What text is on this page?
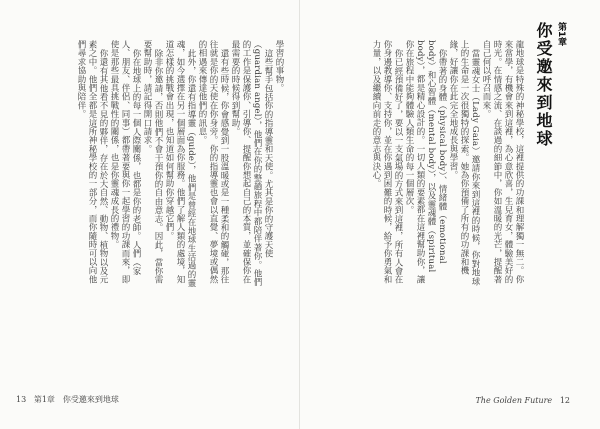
學習的事物。

這些幫手包括你的指導靈和天使。尤其是你的守護天使（guardian angel），他們在你的整趟旅程中都陪伴著你。他們的工作是保護你、引導你、提醒你想起自己的本質，並確保你在最需要的時候得到幫助。

還有些時候，你會感覺到一股溫暖或是一種柔和的觸碰，那往往就是你的天使在你身旁。你的指導靈也會以直覺、夢境或偶然的相遇來傳達他們的訊息。

此外，你還有指導靈（guide），他們是曾經在地球生活過的靈魂，如今選擇在另一個層面為你服務。他們了解人類的處境，知道怎樣的挑戰會出現，也知道如何幫助你穿越它們。

除非你邀請，否則他們不會干預你的自由意志。因此，當你需要幫助時，請記得開口請求。

你在地球上的每一個人際關係，也都是你的老師。人們（家人、朋友、伴侶、同事）都帶著要與你一起學習的功課而來，即使是那些最具挑戰性的關係，也是你靈魂成長的禮物。

你還有其他看不見的夥伴，存在於大自然、動物、植物以及元素之中。他們全都是這所神秘學校的一部分，而你隨時可以向他們尋求協助與陪伴。

13 第1章　你受邀來到地球

龍地球是特殊的神秘學校，這裡提供的功課和理解獨一無二。你來當學，有機會來到這裡，為心意欣喜，生兒育女，體驗美好的時光。在情感之流、在談過的細節中，你如溫暖的光芒，提醒著自己何以呼召而來。

當靈魂女士（Lady Gaia）邀請你來到這裡的時候，你對地球上的生命是一次很獨特的探索。她為你預備了所有的功課和機緣，好讓你在此完全地成長與學習。

你帶著的身體（physical body）、情緒體（emotional body）和心智體（mental body），以及靈魂體（spiritual body），都是精心設計的。一切人類的要素都在這裡幫助你，讓你在旅程中能夠體驗人類生命的每一個層次。

你已經預備好了，要以一支氣場的方式來到這裡，所有人會在你身邊教導你、支持你，並在你遇到困難的時候，給予你勇氣和力量，以及繼續向前走的意志與決心。

The Golden Future 12
第1章
你受邀來到地球
